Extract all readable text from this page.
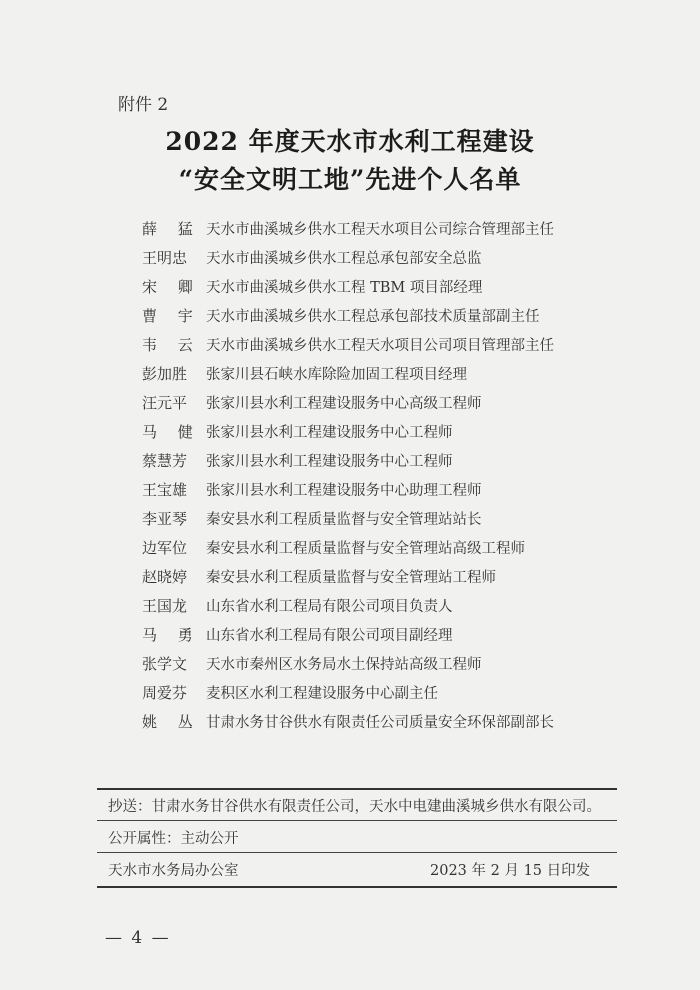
附件 2
2022 年度天水市水利工程建设
“安全文明工地”先进个人名单
薛 猛 天水市曲溪城乡供水工程天水项目公司综合管理部主任
王明忠	天水市曲溪城乡供水工程总承包部安全总监
宋 卿 天水市曲溪城乡供水工程 TBM 项目部经理
曹 宇 天水市曲溪城乡供水工程总承包部技术质量部副主任
韦 云 天水市曲溪城乡供水工程天水项目公司项目管理部主任
彭加胜	张家川县石峡水库除险加固工程项目经理
汪元平	张家川县水利工程建设服务中心高级工程师
马 健 张家川县水利工程建设服务中心工程师
蔡慧芳	张家川县水利工程建设服务中心工程师
王宝雄	张家川县水利工程建设服务中心助理工程师
李亚琴	秦安县水利工程质量监督与安全管理站站长
边军位	秦安县水利工程质量监督与安全管理站高级工程师
赵晓婷	秦安县水利工程质量监督与安全管理站工程师
王国龙	山东省水利工程局有限公司项目负责人
马 勇 山东省水利工程局有限公司项目副经理
张学文	天水市秦州区水务局水土保持站高级工程师
周爱芬	麦积区水利工程建设服务中心副主任
姚 丛 甘肃水务甘谷供水有限责任公司质量安全环保部副部长
抄送：甘肃水务甘谷供水有限责任公司，天水中电建曲溪城乡供水有限公司。
公开属性：主动公开
天水市水务局办公室	2023 年 2 月 15 日印发
— 4 —
